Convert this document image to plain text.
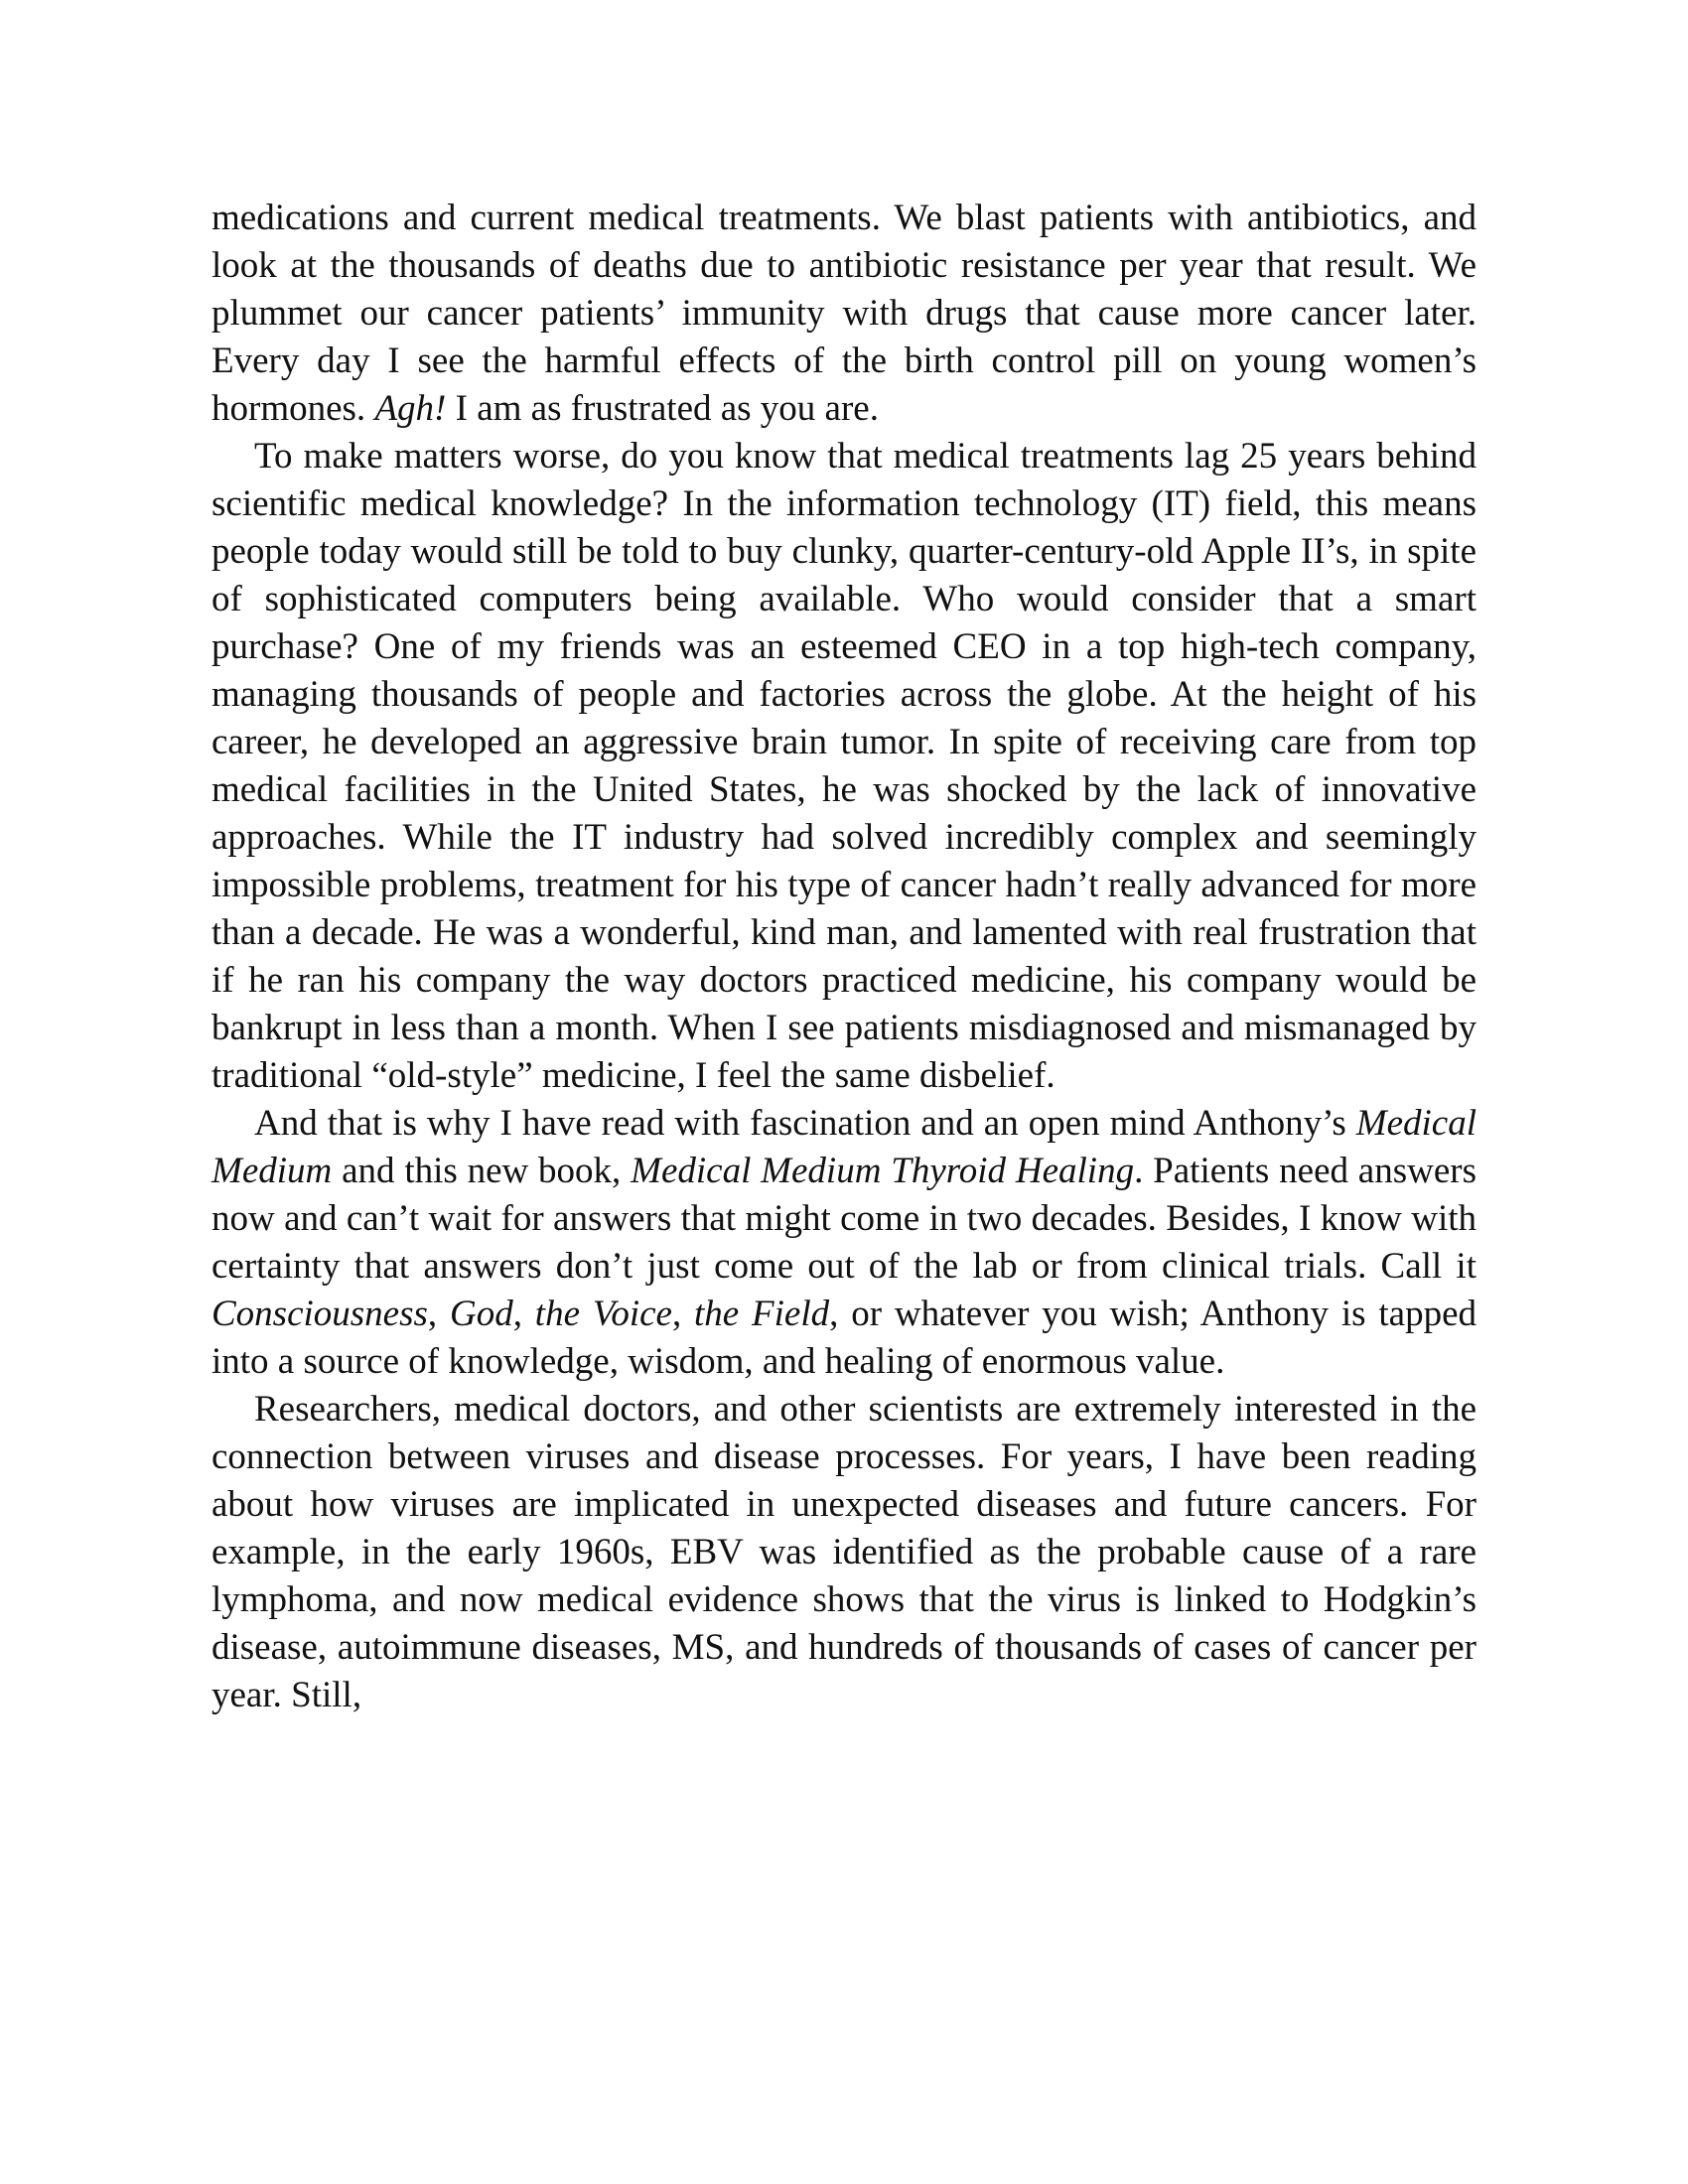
medications and current medical treatments. We blast patients with antibiotics, and look at the thousands of deaths due to antibiotic resistance per year that result. We plummet our cancer patients’ immunity with drugs that cause more cancer later. Every day I see the harmful effects of the birth control pill on young women’s hormones. Agh! I am as frustrated as you are.

To make matters worse, do you know that medical treatments lag 25 years behind scientific medical knowledge? In the information technology (IT) field, this means people today would still be told to buy clunky, quarter-century-old Apple II’s, in spite of sophisticated computers being available. Who would consider that a smart purchase? One of my friends was an esteemed CEO in a top high-tech company, managing thousands of people and factories across the globe. At the height of his career, he developed an aggressive brain tumor. In spite of receiving care from top medical facilities in the United States, he was shocked by the lack of innovative approaches. While the IT industry had solved incredibly complex and seemingly impossible problems, treatment for his type of cancer hadn’t really advanced for more than a decade. He was a wonderful, kind man, and lamented with real frustration that if he ran his company the way doctors practiced medicine, his company would be bankrupt in less than a month. When I see patients misdiagnosed and mismanaged by traditional “old-style” medicine, I feel the same disbelief.

And that is why I have read with fascination and an open mind Anthony’s Medical Medium and this new book, Medical Medium Thyroid Healing. Patients need answers now and can’t wait for answers that might come in two decades. Besides, I know with certainty that answers don’t just come out of the lab or from clinical trials. Call it Consciousness, God, the Voice, the Field, or whatever you wish; Anthony is tapped into a source of knowledge, wisdom, and healing of enormous value.

Researchers, medical doctors, and other scientists are extremely interested in the connection between viruses and disease processes. For years, I have been reading about how viruses are implicated in unexpected diseases and future cancers. For example, in the early 1960s, EBV was identified as the probable cause of a rare lymphoma, and now medical evidence shows that the virus is linked to Hodgkin’s disease, autoimmune diseases, MS, and hundreds of thousands of cases of cancer per year. Still,
